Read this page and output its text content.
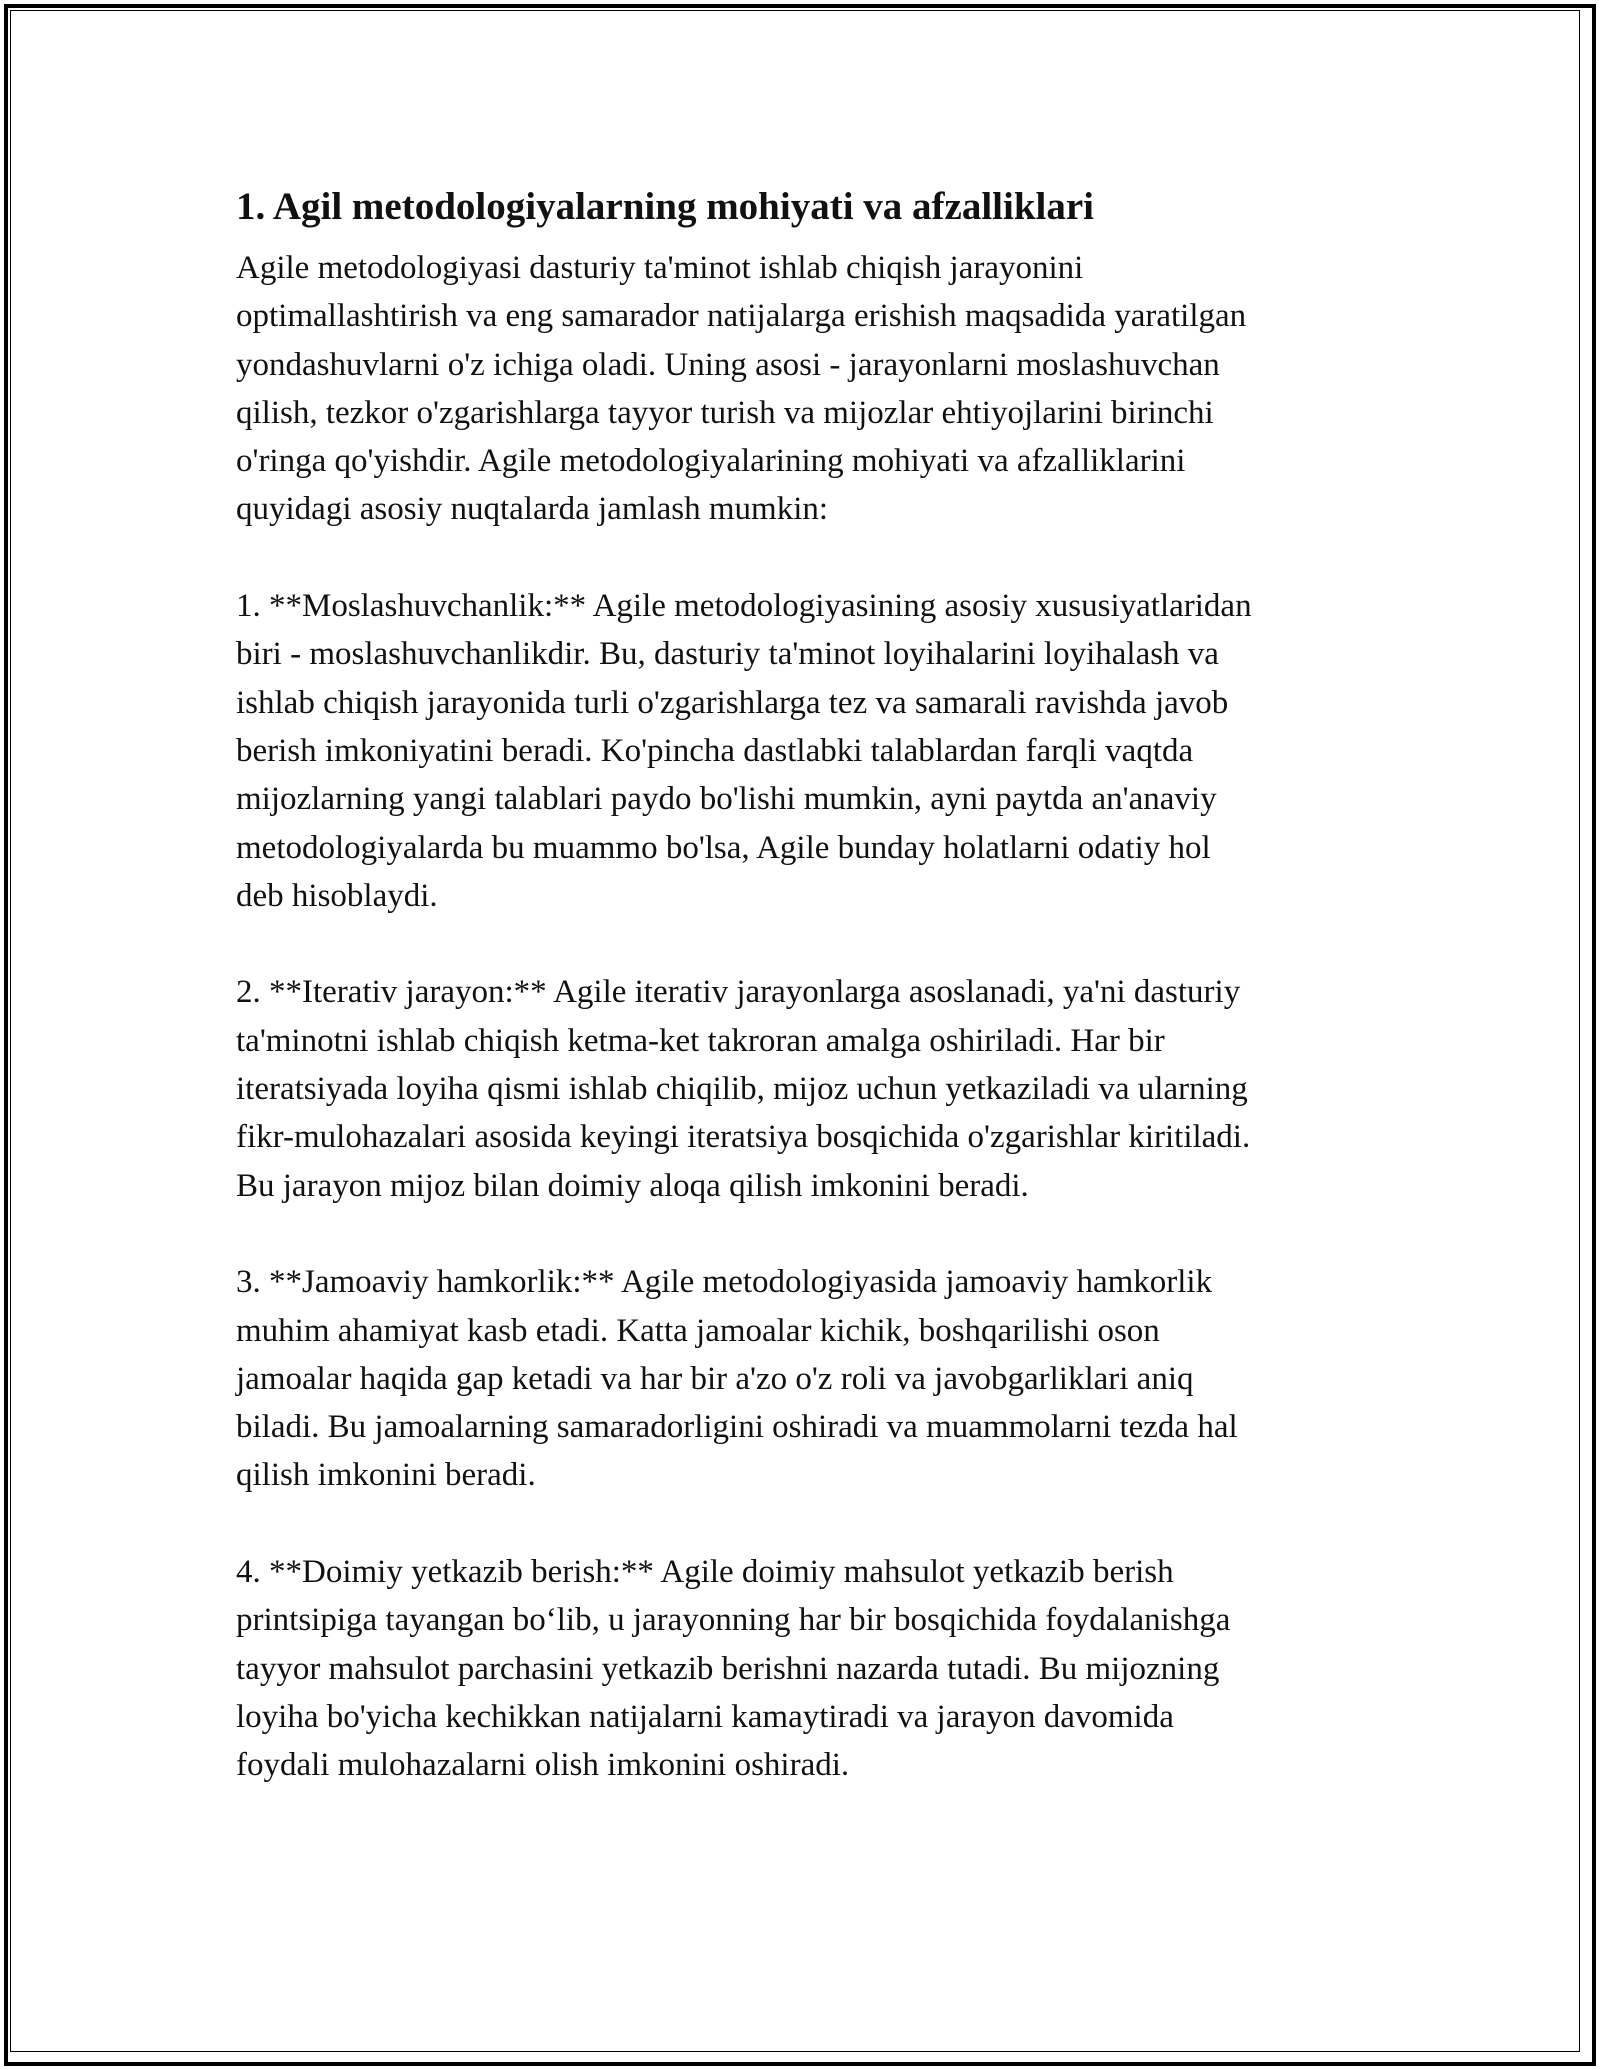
1. Agil metodologiyalarning mohiyati va afzalliklari

Agile metodologiyasi dasturiy ta'minot ishlab chiqish jarayonini
optimallashtirish va eng samarador natijalarga erishish maqsadida yaratilgan
yondashuvlarni o'z ichiga oladi. Uning asosi - jarayonlarni moslashuvchan
qilish, tezkor o'zgarishlarga tayyor turish va mijozlar ehtiyojlarini birinchi
o'ringa qo'yishdir. Agile metodologiyalarining mohiyati va afzalliklarini
quyidagi asosiy nuqtalarda jamlash mumkin:

1. **Moslashuvchanlik:** Agile metodologiyasining asosiy xususiyatlaridan
biri - moslashuvchanlikdir. Bu, dasturiy ta'minot loyihalarini loyihalash va
ishlab chiqish jarayonida turli o'zgarishlarga tez va samarali ravishda javob
berish imkoniyatini beradi. Ko'pincha dastlabki talablardan farqli vaqtda
mijozlarning yangi talablari paydo bo'lishi mumkin, ayni paytda an'anaviy
metodologiyalarda bu muammo bo'lsa, Agile bunday holatlarni odatiy hol
deb hisoblaydi.

2. **Iterativ jarayon:** Agile iterativ jarayonlarga asoslanadi, ya'ni dasturiy
ta'minotni ishlab chiqish ketma-ket takroran amalga oshiriladi. Har bir
iteratsiyada loyiha qismi ishlab chiqilib, mijoz uchun yetkaziladi va ularning
fikr-mulohazalari asosida keyingi iteratsiya bosqichida o'zgarishlar kiritiladi.
Bu jarayon mijoz bilan doimiy aloqa qilish imkonini beradi.

3. **Jamoaviy hamkorlik:** Agile metodologiyasida jamoaviy hamkorlik
muhim ahamiyat kasb etadi. Katta jamoalar kichik, boshqarilishi oson
jamoalar haqida gap ketadi va har bir a'zo o'z roli va javobgarliklari aniq
biladi. Bu jamoalarning samaradorligini oshiradi va muammolarni tezda hal
qilish imkonini beradi.

4. **Doimiy yetkazib berish:** Agile doimiy mahsulot yetkazib berish
printsipiga tayangan bo‘lib, u jarayonning har bir bosqichida foydalanishga
tayyor mahsulot parchasini yetkazib berishni nazarda tutadi. Bu mijozning
loyiha bo'yicha kechikkan natijalarni kamaytiradi va jarayon davomida
foydali mulohazalarni olish imkonini oshiradi.
